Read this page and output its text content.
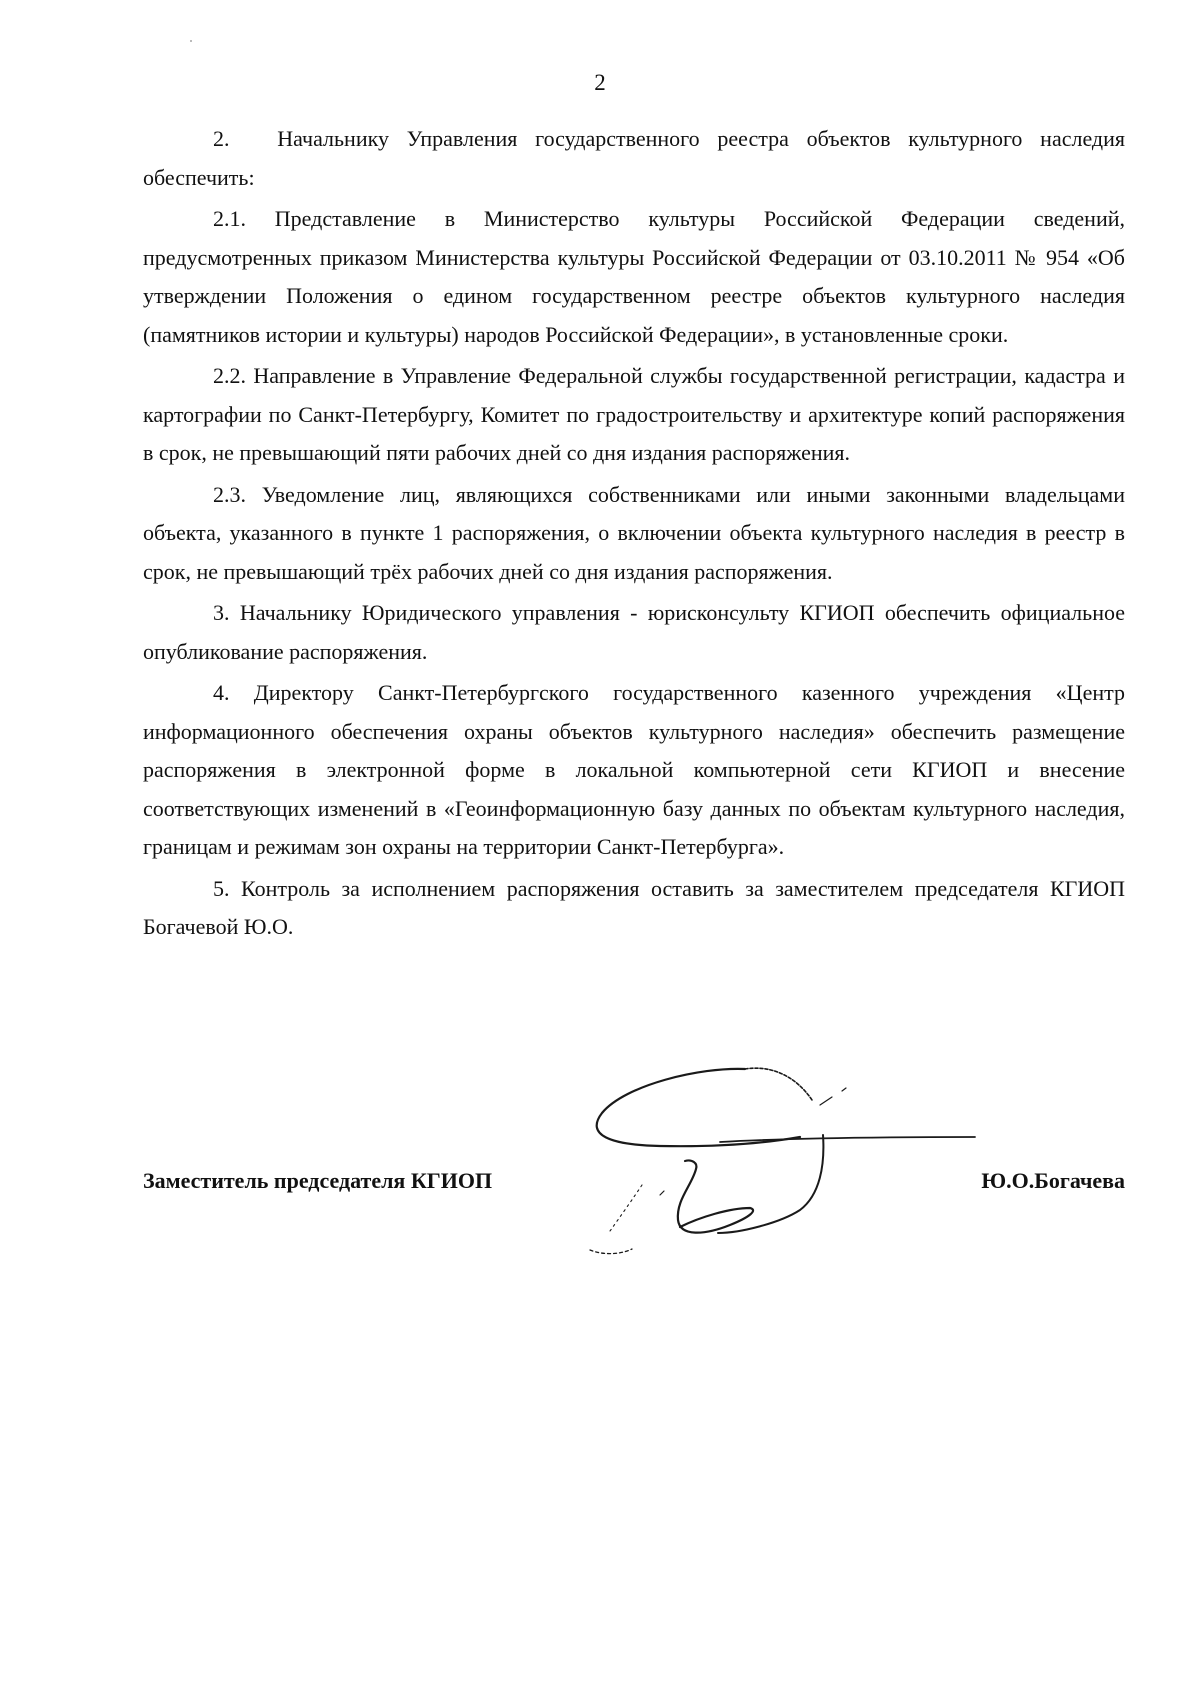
2

2. Начальнику Управления государственного реестра объектов культурного наследия обеспечить:

2.1. Представление в Министерство культуры Российской Федерации сведений, предусмотренных приказом Министерства культуры Российской Федерации от 03.10.2011 № 954 «Об утверждении Положения о едином государственном реестре объектов культурного наследия (памятников истории и культуры) народов Российской Федерации», в установленные сроки.

2.2. Направление в Управление Федеральной службы государственной регистрации, кадастра и картографии по Санкт-Петербургу, Комитет по градостроительству и архитектуре копий распоряжения в срок, не превышающий пяти рабочих дней со дня издания распоряжения.

2.3. Уведомление лиц, являющихся собственниками или иными законными владельцами объекта, указанного в пункте 1 распоряжения, о включении объекта культурного наследия в реестр в срок, не превышающий трёх рабочих дней со дня издания распоряжения.

3. Начальнику Юридического управления - юрисконсульту КГИОП обеспечить официальное опубликование распоряжения.

4. Директору Санкт-Петербургского государственного казенного учреждения «Центр информационного обеспечения охраны объектов культурного наследия» обеспечить размещение распоряжения в электронной форме в локальной компьютерной сети КГИОП и внесение соответствующих изменений в «Геоинформационную базу данных по объектам культурного наследия, границам и режимам зон охраны на территории Санкт-Петербурга».

5. Контроль за исполнением распоряжения оставить за заместителем председателя КГИОП Богачевой Ю.О.

Заместитель председателя КГИОП	Ю.О.Богачева
